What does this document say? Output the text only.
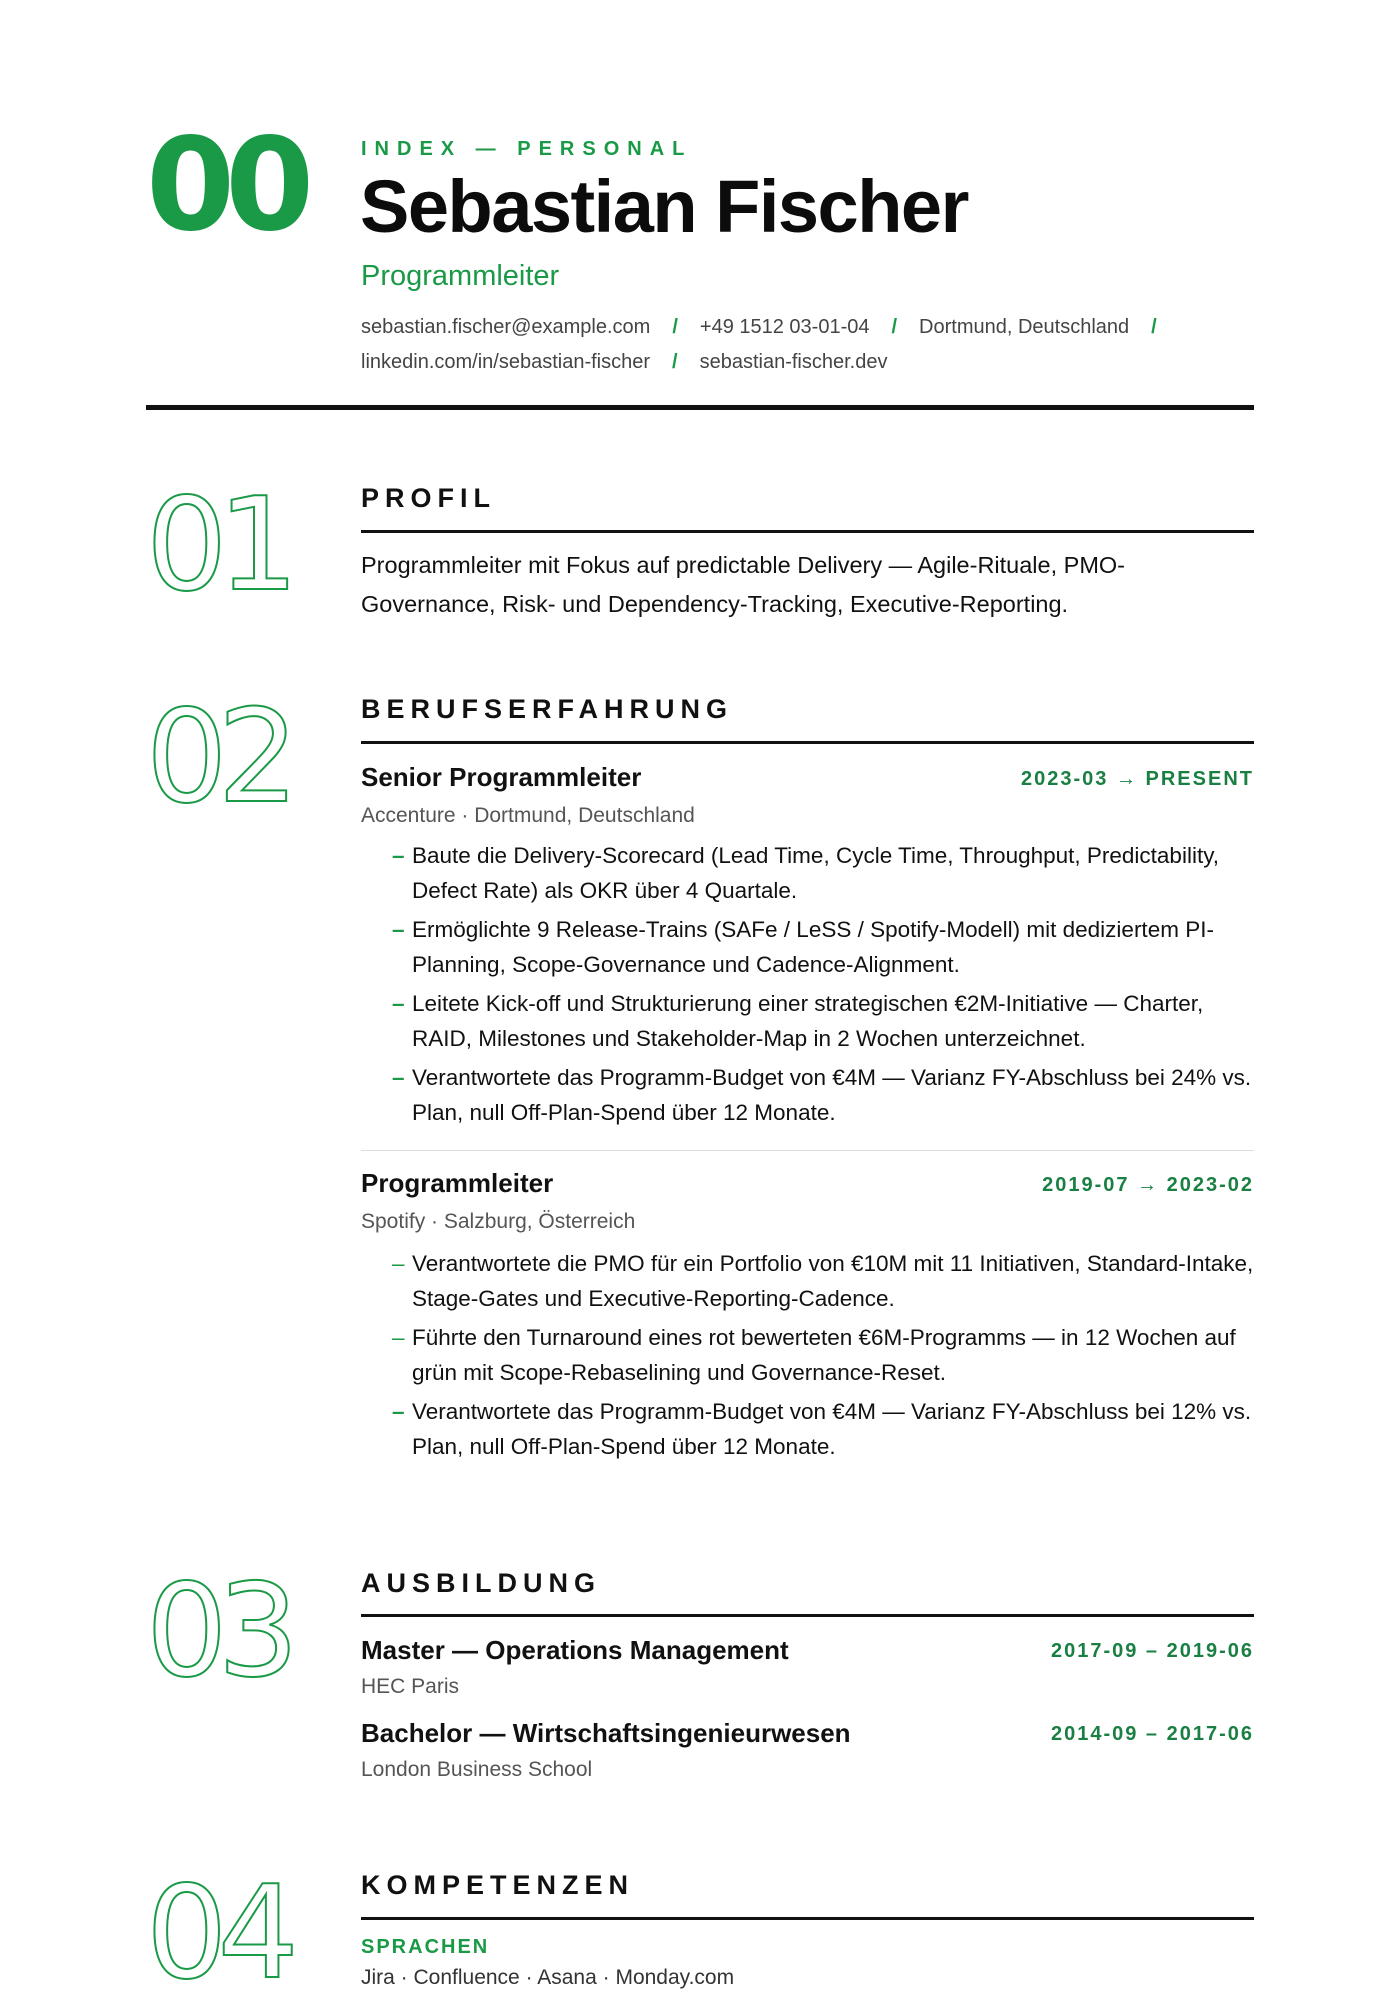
00	INDEX — PERSONAL
Sebastian Fischer
Programmleiter
sebastian.fischer@example.com / +49 1512 03-01-04 / Dortmund, Deutschland /
linkedin.com/in/sebastian-fischer / sebastian-fischer.dev
01	PROFIL
Programmleiter mit Fokus auf predictable Delivery — Agile-Rituale, PMO-Governance, Risk- und Dependency-Tracking, Executive-Reporting.
02	BERUFSERFAHRUNG
Senior Programmleiter	2023-03 → PRESENT
Accenture · Dortmund, Deutschland
– Baute die Delivery-Scorecard (Lead Time, Cycle Time, Throughput, Predictability, Defect Rate) als OKR über 4 Quartale.
– Ermöglichte 9 Release-Trains (SAFe / LeSS / Spotify-Modell) mit dediziertem PI-Planning, Scope-Governance und Cadence-Alignment.
– Leitete Kick-off und Strukturierung einer strategischen €2M-Initiative — Charter, RAID, Milestones und Stakeholder-Map in 2 Wochen unterzeichnet.
– Verantwortete das Programm-Budget von €4M — Varianz FY-Abschluss bei 24% vs. Plan, null Off-Plan-Spend über 12 Monate.
Programmleiter	2019-07 → 2023-02
Spotify · Salzburg, Österreich
– Verantwortete die PMO für ein Portfolio von €10M mit 11 Initiativen, Standard-Intake, Stage-Gates und Executive-Reporting-Cadence.
– Führte den Turnaround eines rot bewerteten €6M-Programms — in 12 Wochen auf grün mit Scope-Rebaselining und Governance-Reset.
– Verantwortete das Programm-Budget von €4M — Varianz FY-Abschluss bei 12% vs. Plan, null Off-Plan-Spend über 12 Monate.
03	AUSBILDUNG
Master — Operations Management	2017-09 – 2019-06
HEC Paris
Bachelor — Wirtschaftsingenieurwesen	2014-09 – 2017-06
London Business School
04	KOMPETENZEN
SPRACHEN
Jira · Confluence · Asana · Monday.com
